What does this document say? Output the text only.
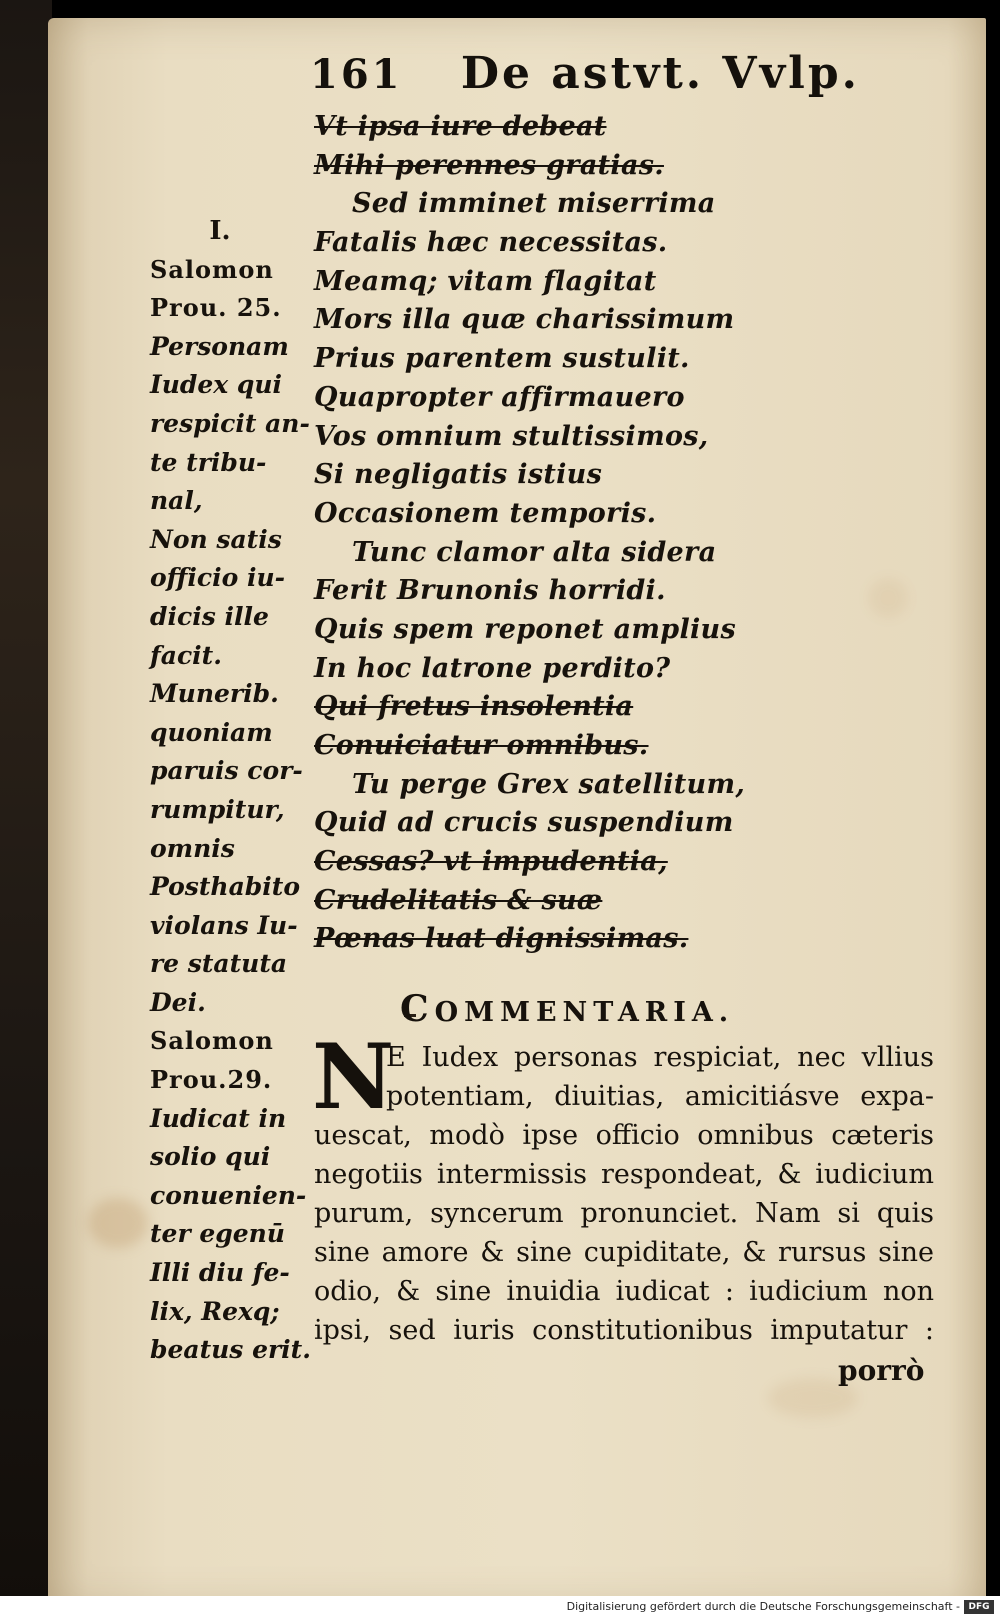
161 De astvt. Vvlp.
Vt ipsa iure debeat
Mihi perennes gratias.
Sed imminet miserrima
Fatalis hæc necessitas.
Meamq; vitam flagitat
Mors illa quæ charissimum
Prius parentem sustulit.
Quapropter affirmauero
Vos omnium stultissimos,
Si negligatis istius
Occasionem temporis.
Tunc clamor alta sidera
Ferit Brunonis horridi.
Quis spem reponet amplius
In hoc latrone perdito?
Qui fretus insolentia
Conuiciatur omnibus.
Tu perge Grex satellitum,
Quid ad crucis suspendium
Cessas? vt impudentia,
Crudelitatis & suæ
Pœnas luat dignissimas.
I.
Salomon
Prou. 25.
Personam
Iudex qui
respicit an-
te tribu-
nal,
Non satis
officio iu-
dicis ille
facit.
Munerib.
quoniam
paruis cor-
rumpitur,
omnis
Posthabito
violans Iu-
re statuta
Dei.
Salomon
Prou.29.
Iudicat in
solio qui
conuenien-
ter egenū
Illi diu fe-
lix, Rexq;
beatus erit.
COMMENTARIA.
N
E Iudex personas respiciat, nec vllius
potentiam, diuitias, amicitiásve expa-
uescat, modò ipse officio omnibus cæteris
negotiis intermissis respondeat, & iudicium
purum, syncerum pronunciet. Nam si quis
sine amore & sine cupiditate, & rursus sine
odio, & sine inuidia iudicat : iudicium non
ipsi, sed iuris constitutionibus imputatur :
porrò
Digitalisierung gefördert durch die Deutsche Forschungsgemeinschaft - DFG
